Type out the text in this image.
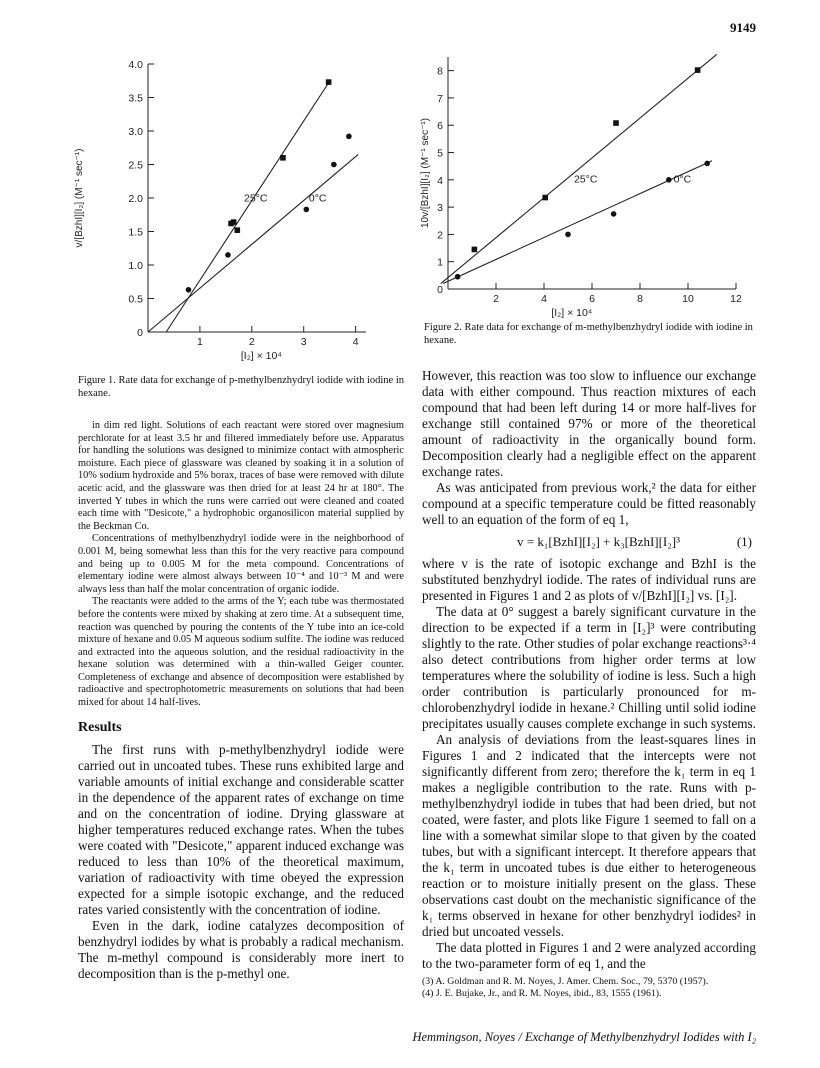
9149
0
0.5
1.0
1.5
2.0
2.5
3.0
3.5
4.0
1	2	3	4
[I₂] × 10⁴
v/[BzhI][I₂] (M⁻¹ sec⁻¹)	25°C	0°C
0
1
2
3
4
5
6
7
8
2	4	6	8	10	12
[I₂] × 10⁴
10v/[BzhI][I₂] (M⁻¹ sec⁻¹)	25°C	0°C
Figure 1. Rate data for exchange of p-methylbenzhydryl iodide with iodine in hexane.
Figure 2. Rate data for exchange of m-methylbenzhydryl iodide with iodine in hexane.

in dim red light. Solutions of each reactant were stored over magnesium perchlorate for at least 3.5 hr and filtered immediately before use. Apparatus for handling the solutions was designed to minimize contact with atmospheric moisture. Each piece of glassware was cleaned by soaking it in a solution of 10% sodium hydroxide and 5% borax, traces of base were removed with dilute acetic acid, and the glassware was then dried for at least 24 hr at 180°. The inverted Y tubes in which the runs were carried out were cleaned and coated each time with "Desicote," a hydrophobic organosilicon material supplied by the Beckman Co.

Concentrations of methylbenzhydryl iodide were in the neighborhood of 0.001 M, being somewhat less than this for the very reactive para compound and being up to 0.005 M for the meta compound. Concentrations of elementary iodine were almost always between 10⁻⁴ and 10⁻³ M and were always less than half the molar concentration of organic iodide.

The reactants were added to the arms of the Y; each tube was thermostated before the contents were mixed by shaking at zero time. At a subsequent time, reaction was quenched by pouring the contents of the Y tube into an ice-cold mixture of hexane and 0.05 M aqueous sodium sulfite. The iodine was reduced and extracted into the aqueous solution, and the residual radioactivity in the hexane solution was determined with a thin-walled Geiger counter. Completeness of exchange and absence of decomposition were established by radioactive and spectrophotometric measurements on solutions that had been mixed for about 14 half-lives.

Results

The first runs with p-methylbenzhydryl iodide were carried out in uncoated tubes. These runs exhibited large and variable amounts of initial exchange and considerable scatter in the dependence of the apparent rates of exchange on time and on the concentration of iodine. Drying glassware at higher temperatures reduced exchange rates. When the tubes were coated with "Desicote," apparent induced exchange was reduced to less than 10% of the theoretical maximum, variation of radioactivity with time obeyed the expression expected for a simple isotopic exchange, and the reduced rates varied consistently with the concentration of iodine.

Even in the dark, iodine catalyzes decomposition of benzhydryl iodides by what is probably a radical mechanism. The m-methyl compound is considerably more inert to decomposition than is the p-methyl one.

However, this reaction was too slow to influence our exchange data with either compound. Thus reaction mixtures of each compound that had been left during 14 or more half-lives for exchange still contained 97% or more of the theoretical amount of radioactivity in the organically bound form. Decomposition clearly had a negligible effect on the apparent exchange rates.

As was anticipated from previous work,² the data for either compound at a specific temperature could be fitted reasonably well to an equation of the form of eq 1,

v = k₁[BzhI][I₂] + k₃[BzhI][I₂]³	(1)

where v is the rate of isotopic exchange and BzhI is the substituted benzhydryl iodide. The rates of individual runs are presented in Figures 1 and 2 as plots of v/[BzhI][I₂] vs. [I₂].

The data at 0° suggest a barely significant curvature in the direction to be expected if a term in [I₂]³ were contributing slightly to the rate. Other studies of polar exchange reactions³·⁴ also detect contributions from higher order terms at low temperatures where the solubility of iodine is less. Such a high order contribution is particularly pronounced for m-chlorobenzhydryl iodide in hexane.² Chilling until solid iodine precipitates usually causes complete exchange in such systems.

An analysis of deviations from the least-squares lines in Figures 1 and 2 indicated that the intercepts were not significantly different from zero; therefore the k₁ term in eq 1 makes a negligible contribution to the rate. Runs with p-methylbenzhydryl iodide in tubes that had been dried, but not coated, were faster, and plots like Figure 1 seemed to fall on a line with a somewhat similar slope to that given by the coated tubes, but with a significant intercept. It therefore appears that the k₁ term in uncoated tubes is due either to heterogeneous reaction or to moisture initially present on the glass. These observations cast doubt on the mechanistic significance of the k₁ terms observed in hexane for other benzhydryl iodides² in dried but uncoated vessels.

The data plotted in Figures 1 and 2 were analyzed according to the two-parameter form of eq 1, and the

(3) A. Goldman and R. M. Noyes, J. Amer. Chem. Soc., 79, 5370 (1957).

(4) J. E. Bujake, Jr., and R. M. Noyes, ibid., 83, 1555 (1961).

Hemmingson, Noyes / Exchange of Methylbenzhydryl Iodides with I₂
